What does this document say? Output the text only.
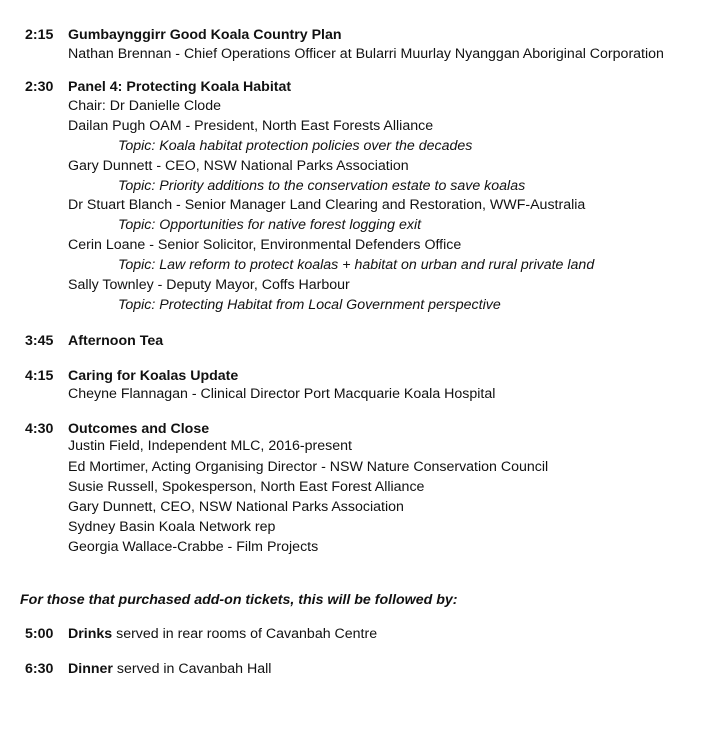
2:15 Gumbaynggirr Good Koala Country Plan
Nathan Brennan - Chief Operations Officer at Bularri Muurlay Nyanggan Aboriginal Corporation
2:30 Panel 4: Protecting Koala Habitat
Chair: Dr Danielle Clode
Dailan Pugh OAM - President, North East Forests Alliance
Topic: Koala habitat protection policies over the decades
Gary Dunnett - CEO, NSW National Parks Association
Topic: Priority additions to the conservation estate to save koalas
Dr Stuart Blanch - Senior Manager Land Clearing and Restoration, WWF-Australia
Topic: Opportunities for native forest logging exit
Cerin Loane - Senior Solicitor, Environmental Defenders Office
Topic: Law reform to protect koalas + habitat on urban and rural private land
Sally Townley - Deputy Mayor, Coffs Harbour
Topic: Protecting Habitat from Local Government perspective
3:45 Afternoon Tea
4:15 Caring for Koalas Update
Cheyne Flannagan - Clinical Director Port Macquarie Koala Hospital
4:30 Outcomes and Close
Justin Field, Independent MLC, 2016-present
Ed Mortimer, Acting Organising Director - NSW Nature Conservation Council
Susie Russell, Spokesperson, North East Forest Alliance
Gary Dunnett, CEO, NSW National Parks Association
Sydney Basin Koala Network rep
Georgia Wallace-Crabbe - Film Projects
For those that purchased add-on tickets, this will be followed by:
5:00 Drinks served in rear rooms of Cavanbah Centre
6:30 Dinner served in Cavanbah Hall
